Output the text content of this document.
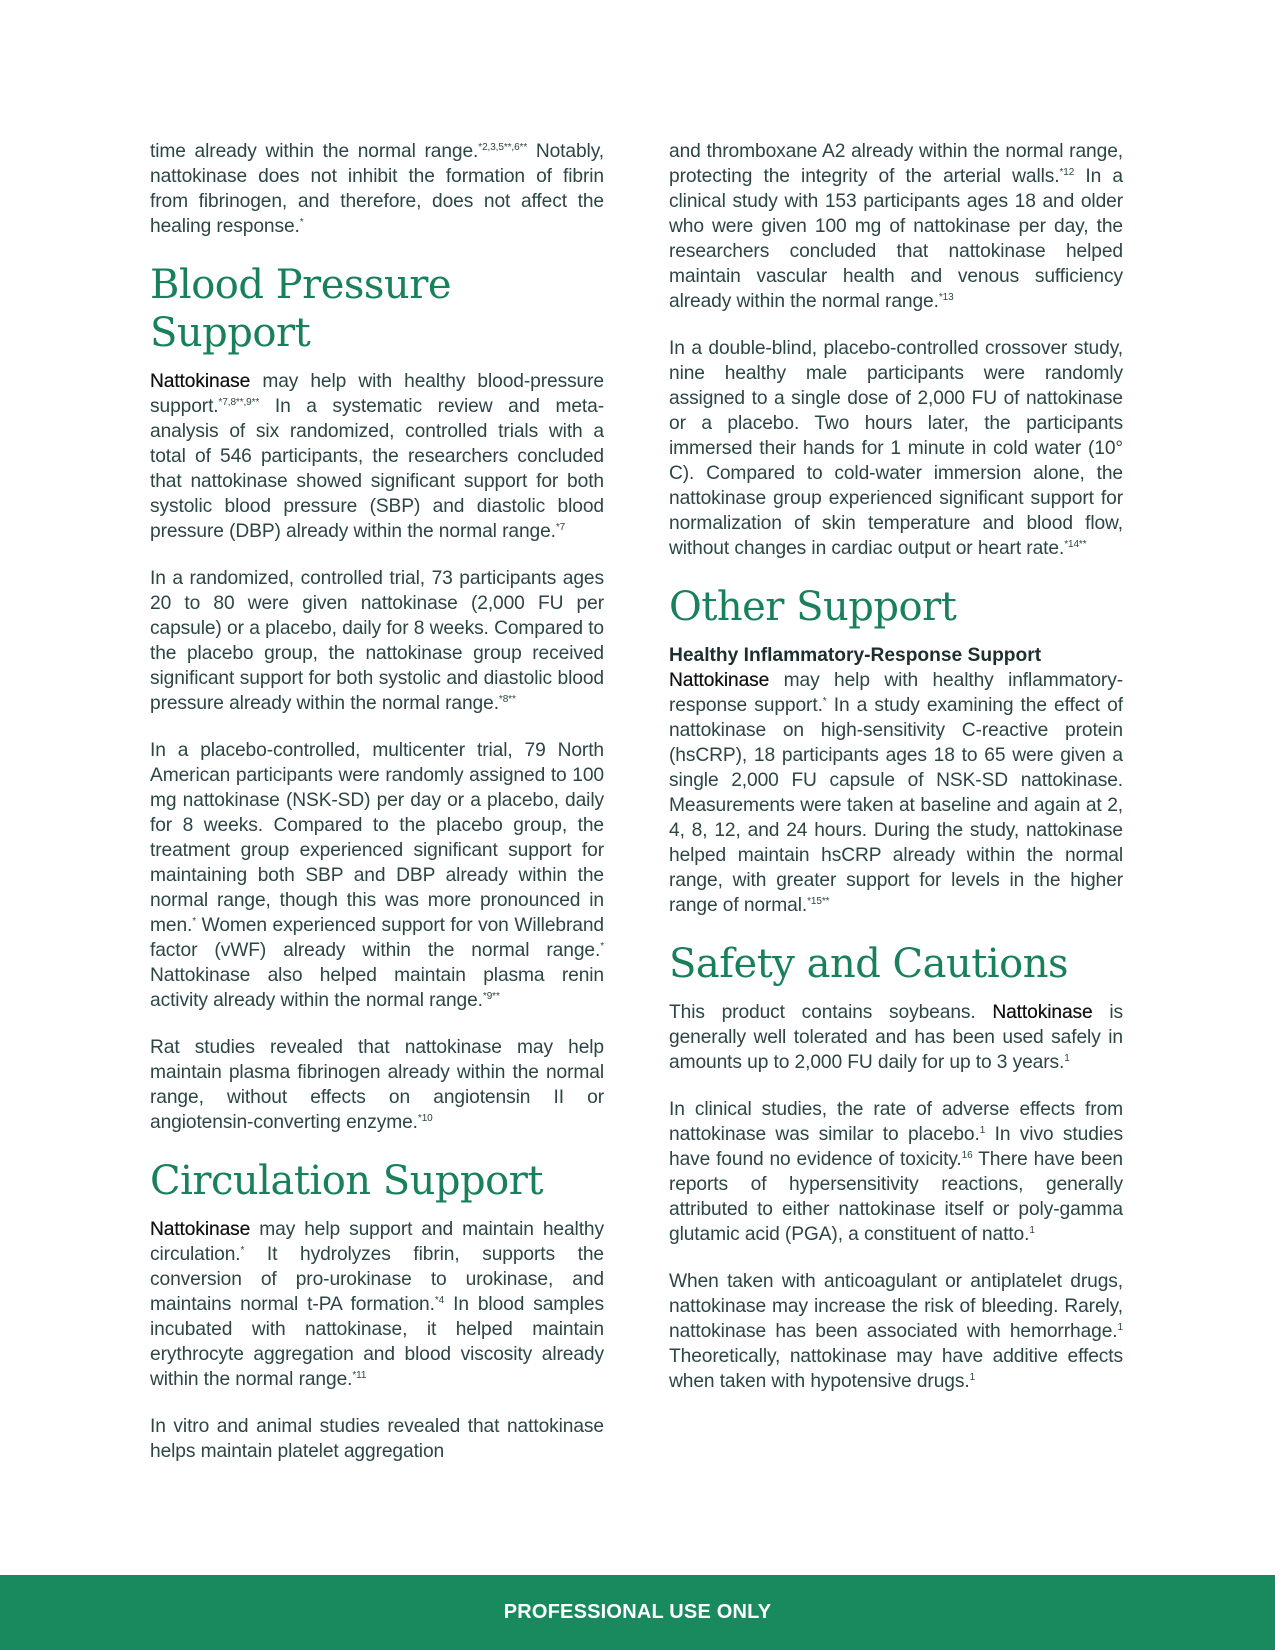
time already within the normal range.$^{*2,3,5**,6**}$ Notably, nattokinase does not inhibit the formation of fibrin from fibrinogen, and therefore, does not affect the healing response.*

Blood Pressure Support

Nattokinase may help with healthy blood-pressure support.$^{*7,8**,9**}$ In a systematic review and meta-analysis of six randomized, controlled trials with a total of 546 participants, the researchers concluded that nattokinase showed significant support for both systolic blood pressure (SBP) and diastolic blood pressure (DBP) already within the normal range.$^{*7}$

In a randomized, controlled trial, 73 participants ages 20 to 80 were given nattokinase (2,000 FU per capsule) or a placebo, daily for 8 weeks. Compared to the placebo group, the nattokinase group received significant support for both systolic and diastolic blood pressure already within the normal range.$^{*8**}$

In a placebo-controlled, multicenter trial, 79 North American participants were randomly assigned to 100 mg nattokinase (NSK-SD) per day or a placebo, daily for 8 weeks. Compared to the placebo group, the treatment group experienced significant support for maintaining both SBP and DBP already within the normal range, though this was more pronounced in men.* Women experienced support for von Willebrand factor (vWF) already within the normal range.* Nattokinase also helped maintain plasma renin activity already within the normal range.$^{*9**}$

Rat studies revealed that nattokinase may help maintain plasma fibrinogen already within the normal range, without effects on angiotensin II or angiotensin-converting enzyme.$^{*10}$

Circulation Support

Nattokinase may help support and maintain healthy circulation.* It hydrolyzes fibrin, supports the conversion of pro-urokinase to urokinase, and maintains normal t-PA formation.$^{*4}$ In blood samples incubated with nattokinase, it helped maintain erythrocyte aggregation and blood viscosity already within the normal range.$^{*11}$

In vitro and animal studies revealed that nattokinase helps maintain platelet aggregation

and thromboxane A2 already within the normal range, protecting the integrity of the arterial walls.$^{*12}$ In a clinical study with 153 participants ages 18 and older who were given 100 mg of nattokinase per day, the researchers concluded that nattokinase helped maintain vascular health and venous sufficiency already within the normal range.$^{*13}$

In a double-blind, placebo-controlled crossover study, nine healthy male participants were randomly assigned to a single dose of 2,000 FU of nattokinase or a placebo. Two hours later, the participants immersed their hands for 1 minute in cold water (10° C). Compared to cold-water immersion alone, the nattokinase group experienced significant support for normalization of skin temperature and blood flow, without changes in cardiac output or heart rate.$^{*14**}$

Other Support
Healthy Inflammatory-Response Support

Nattokinase may help with healthy inflammatory-response support.* In a study examining the effect of nattokinase on high-sensitivity C-reactive protein (hsCRP), 18 participants ages 18 to 65 were given a single 2,000 FU capsule of NSK-SD nattokinase. Measurements were taken at baseline and again at 2, 4, 8, 12, and 24 hours. During the study, nattokinase helped maintain hsCRP already within the normal range, with greater support for levels in the higher range of normal.$^{*15**}$

Safety and Cautions

This product contains soybeans. Nattokinase is generally well tolerated and has been used safely in amounts up to 2,000 FU daily for up to 3 years.$^1$

In clinical studies, the rate of adverse effects from nattokinase was similar to placebo.$^1$ In vivo studies have found no evidence of toxicity.$^{16}$ There have been reports of hypersensitivity reactions, generally attributed to either nattokinase itself or poly-gamma glutamic acid (PGA), a constituent of natto.$^1$

When taken with anticoagulant or antiplatelet drugs, nattokinase may increase the risk of bleeding. Rarely, nattokinase has been associated with hemorrhage.$^1$ Theoretically, nattokinase may have additive effects when taken with hypotensive drugs.$^1$

PROFESSIONAL USE ONLY
